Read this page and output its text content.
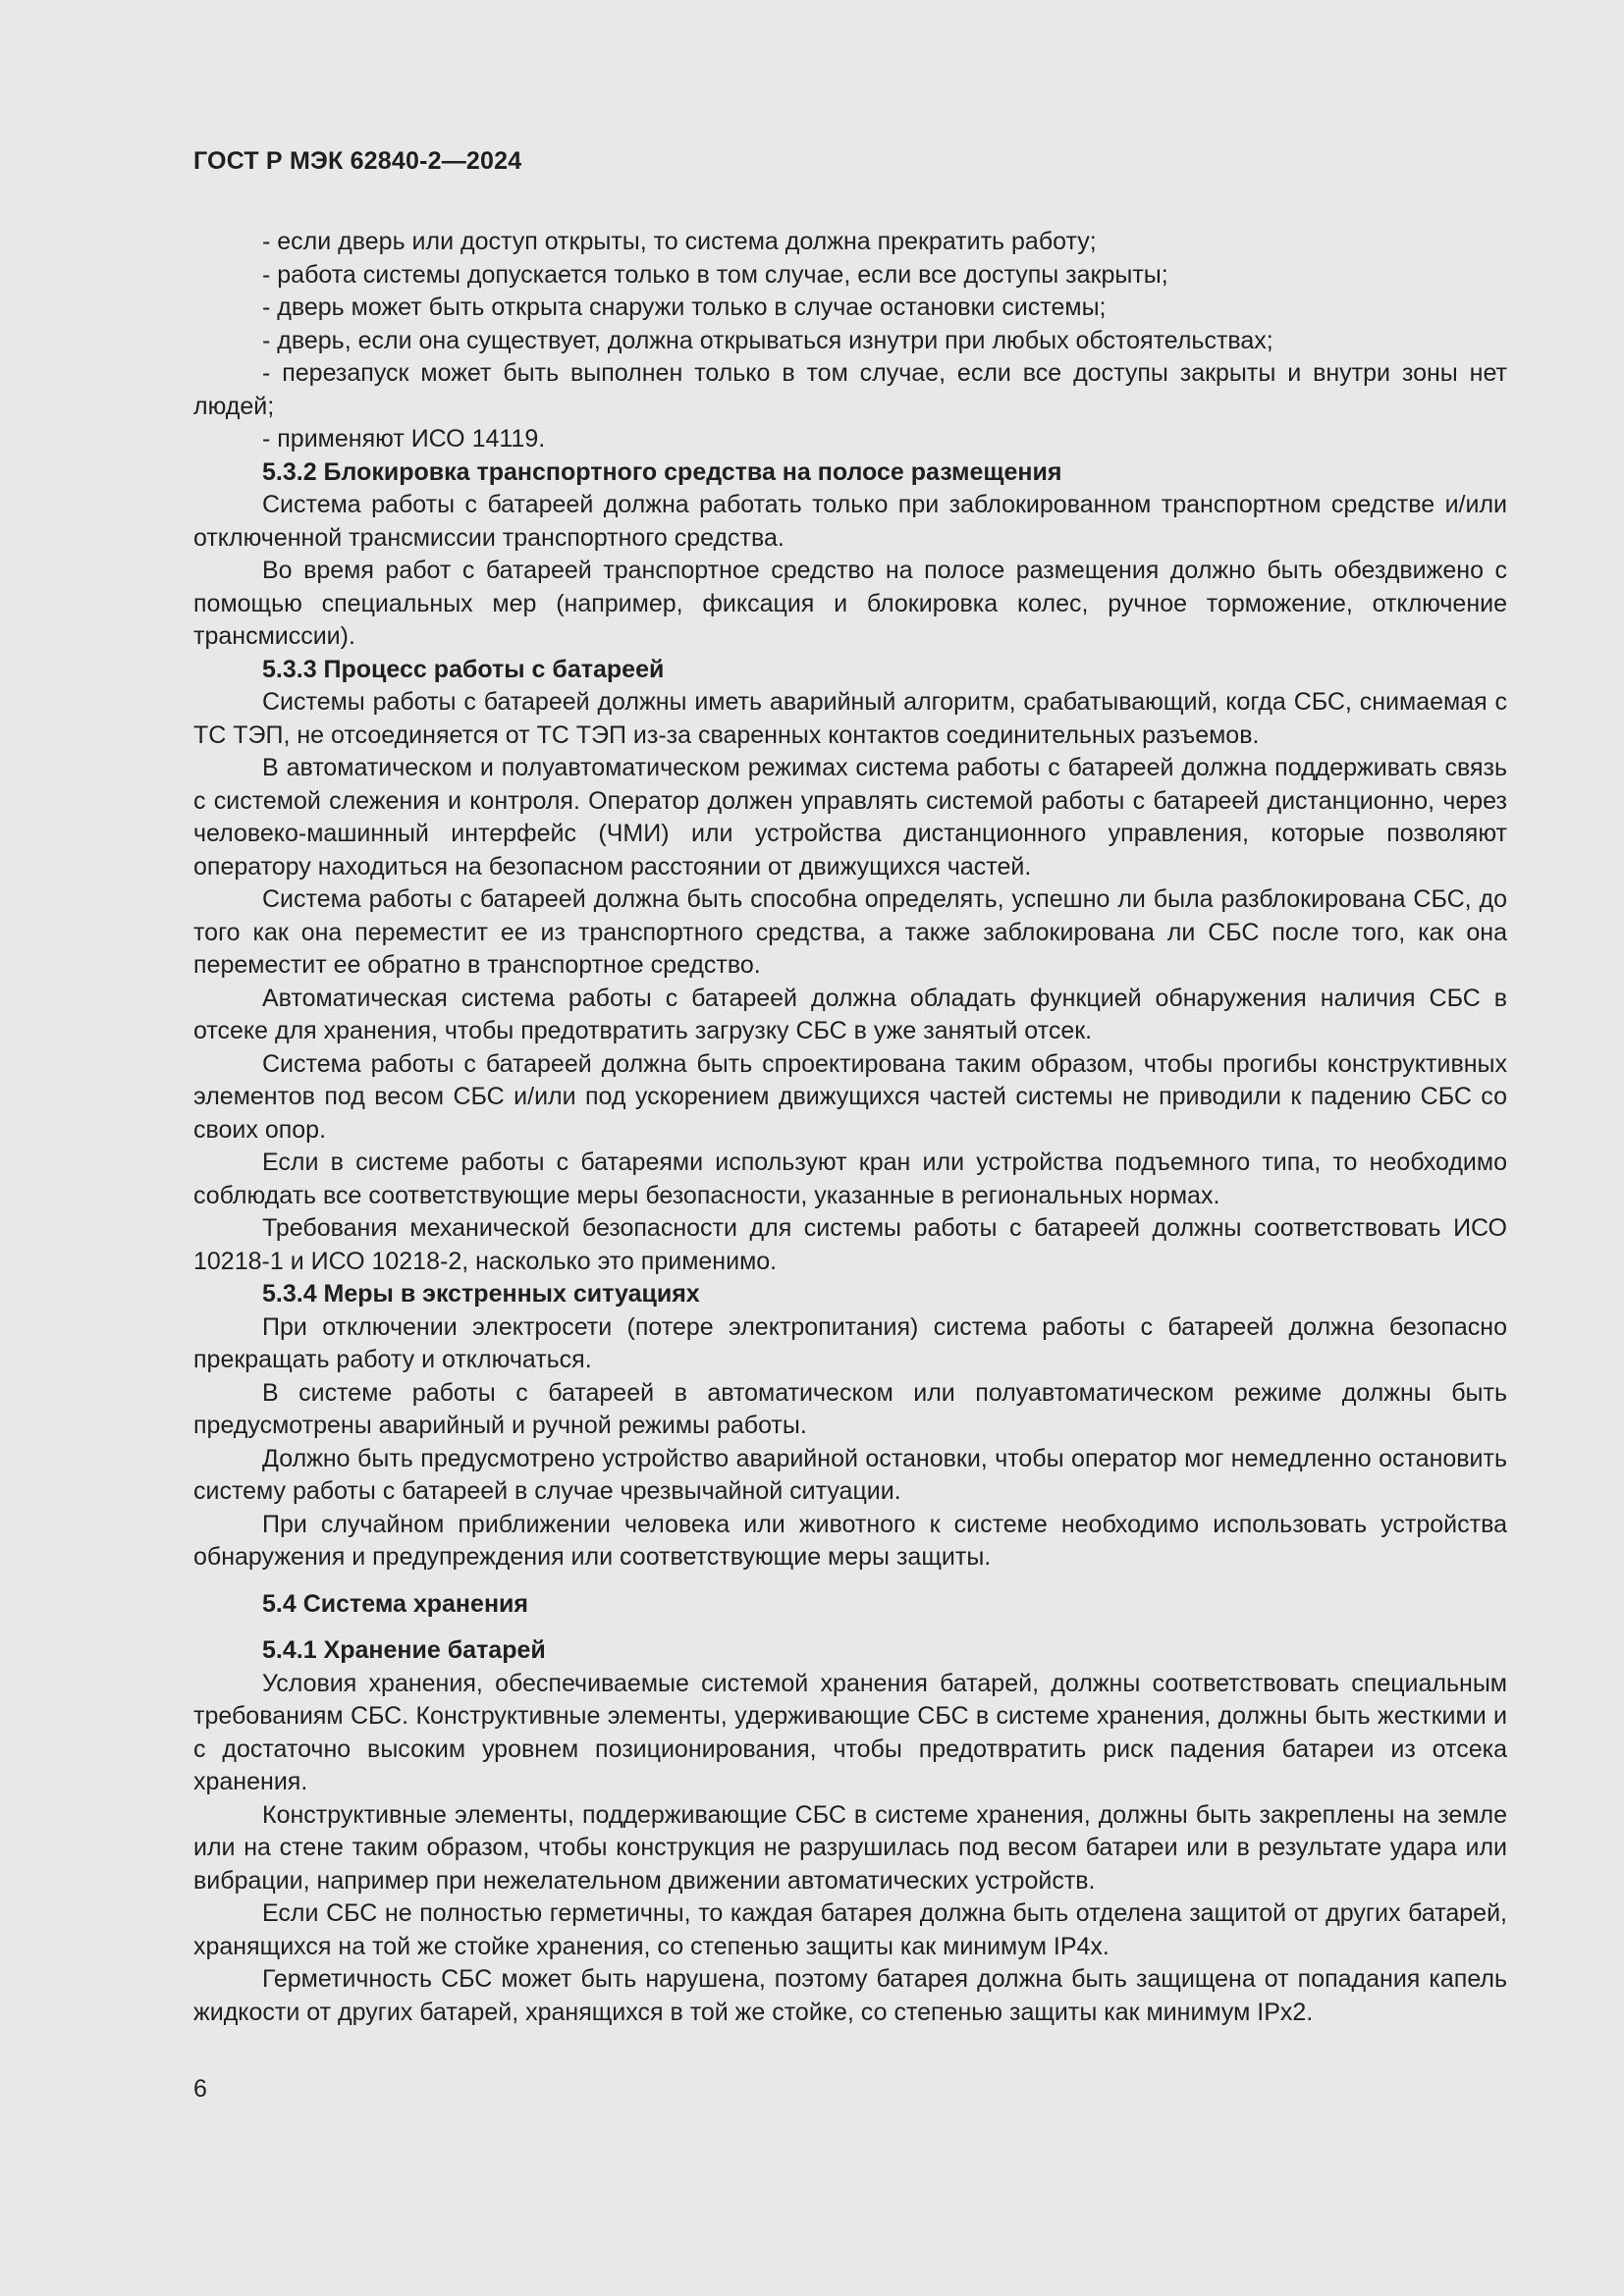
ГОСТ Р МЭК 62840-2—2024

- если дверь или доступ открыты, то система должна прекратить работу;

- работа системы допускается только в том случае, если все доступы закрыты;

- дверь может быть открыта снаружи только в случае остановки системы;

- дверь, если она существует, должна открываться изнутри при любых обстоятельствах;

- перезапуск может быть выполнен только в том случае, если все доступы закрыты и внутри зоны нет людей;

- применяют ИСО 14119.

5.3.2 Блокировка транспортного средства на полосе размещения

Система работы с батареей должна работать только при заблокированном транспортном средстве и/или отключенной трансмиссии транспортного средства.

Во время работ с батареей транспортное средство на полосе размещения должно быть обездвижено с помощью специальных мер (например, фиксация и блокировка колес, ручное торможение, отключение трансмиссии).

5.3.3 Процесс работы с батареей

Системы работы с батареей должны иметь аварийный алгоритм, срабатывающий, когда СБС, снимаемая с ТС ТЭП, не отсоединяется от ТС ТЭП из-за сваренных контактов соединительных разъемов.

В автоматическом и полуавтоматическом режимах система работы с батареей должна поддерживать связь с системой слежения и контроля. Оператор должен управлять системой работы с батареей дистанционно, через человеко-машинный интерфейс (ЧМИ) или устройства дистанционного управления, которые позволяют оператору находиться на безопасном расстоянии от движущихся частей.

Система работы с батареей должна быть способна определять, успешно ли была разблокирована СБС, до того как она переместит ее из транспортного средства, а также заблокирована ли СБС после того, как она переместит ее обратно в транспортное средство.

Автоматическая система работы с батареей должна обладать функцией обнаружения наличия СБС в отсеке для хранения, чтобы предотвратить загрузку СБС в уже занятый отсек.

Система работы с батареей должна быть спроектирована таким образом, чтобы прогибы конструктивных элементов под весом СБС и/или под ускорением движущихся частей системы не приводили к падению СБС со своих опор.

Если в системе работы с батареями используют кран или устройства подъемного типа, то необходимо соблюдать все соответствующие меры безопасности, указанные в региональных нормах.

Требования механической безопасности для системы работы с батареей должны соответствовать ИСО 10218-1 и ИСО 10218-2, насколько это применимо.

5.3.4 Меры в экстренных ситуациях

При отключении электросети (потере электропитания) система работы с батареей должна безопасно прекращать работу и отключаться.

В системе работы с батареей в автоматическом или полуавтоматическом режиме должны быть предусмотрены аварийный и ручной режимы работы.

Должно быть предусмотрено устройство аварийной остановки, чтобы оператор мог немедленно остановить систему работы с батареей в случае чрезвычайной ситуации.

При случайном приближении человека или животного к системе необходимо использовать устройства обнаружения и предупреждения или соответствующие меры защиты.

5.4 Система хранения

5.4.1 Хранение батарей

Условия хранения, обеспечиваемые системой хранения батарей, должны соответствовать специальным требованиям СБС. Конструктивные элементы, удерживающие СБС в системе хранения, должны быть жесткими и с достаточно высоким уровнем позиционирования, чтобы предотвратить риск падения батареи из отсека хранения.

Конструктивные элементы, поддерживающие СБС в системе хранения, должны быть закреплены на земле или на стене таким образом, чтобы конструкция не разрушилась под весом батареи или в результате удара или вибрации, например при нежелательном движении автоматических устройств.

Если СБС не полностью герметичны, то каждая батарея должна быть отделена защитой от других батарей, хранящихся на той же стойке хранения, со степенью защиты как минимум IP4x.

Герметичность СБС может быть нарушена, поэтому батарея должна быть защищена от попадания капель жидкости от других батарей, хранящихся в той же стойке, со степенью защиты как минимум IPx2.

6
